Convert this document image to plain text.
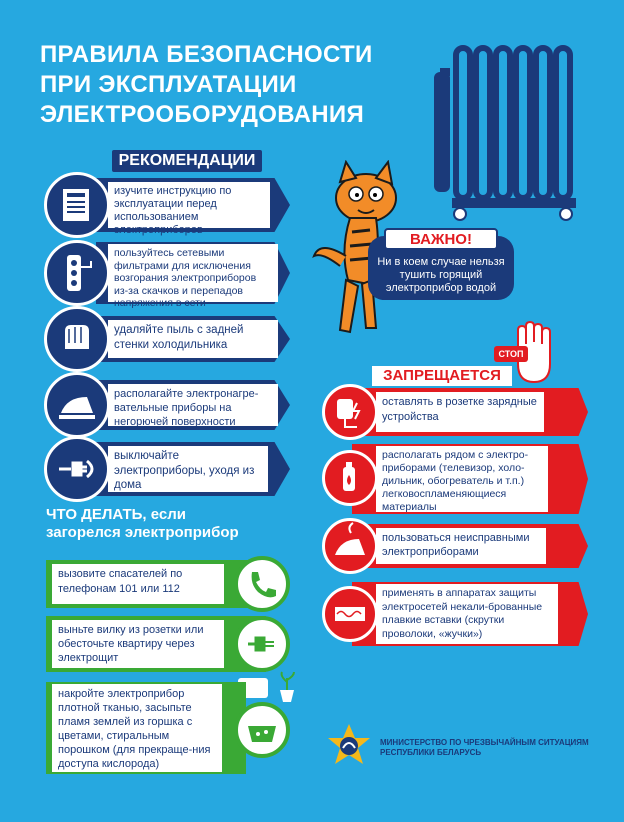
ПРАВИЛА БЕЗОПАСНОСТИ
ПРИ ЭКСПЛУАТАЦИИ
ЭЛЕКТРООБОРУДОВАНИЯ
ВАЖНО!
Ни в коем случае нельзя тушить горящий электроприбор водой
РЕКОМЕНДАЦИИ
изучите инструкцию по эксплуатации перед использованием электроприборов
пользуйтесь сетевыми фильтрами для исключения возгорания электроприборов из-за скачков и перепадов напряжения в сети
удаляйте пыль с задней стенки холодильника
располагайте электронагре-вательные приборы на негорючей поверхности
выключайте электроприборы, уходя из дома
СТОП
ЗАПРЕЩАЕТСЯ
оставлять в розетке зарядные устройства
располагать рядом с электро-приборами (телевизор, холо-дильник, обогреватель и т.п.) легковоспламеняющиеся материалы
пользоваться неисправными электроприборами
применять в аппаратах защиты электросетей некали-брованные плавкие вставки (скрутки проволоки, «жучки»)
ЧТО ДЕЛАТЬ, если
загорелся электроприбор
вызовите спасателей по телефонам 101 или 112
выньте вилку из розетки или обесточьте квартиру через электрощит
накройте электроприбор плотной тканью, засыпьте пламя землей из горшка с цветами, стиральным порошком (для прекраще-ния доступа кислорода)
МИНИСТЕРСТВО ПО ЧРЕЗВЫЧАЙНЫМ СИТУАЦИЯМ
РЕСПУБЛИКИ БЕЛАРУСЬ
